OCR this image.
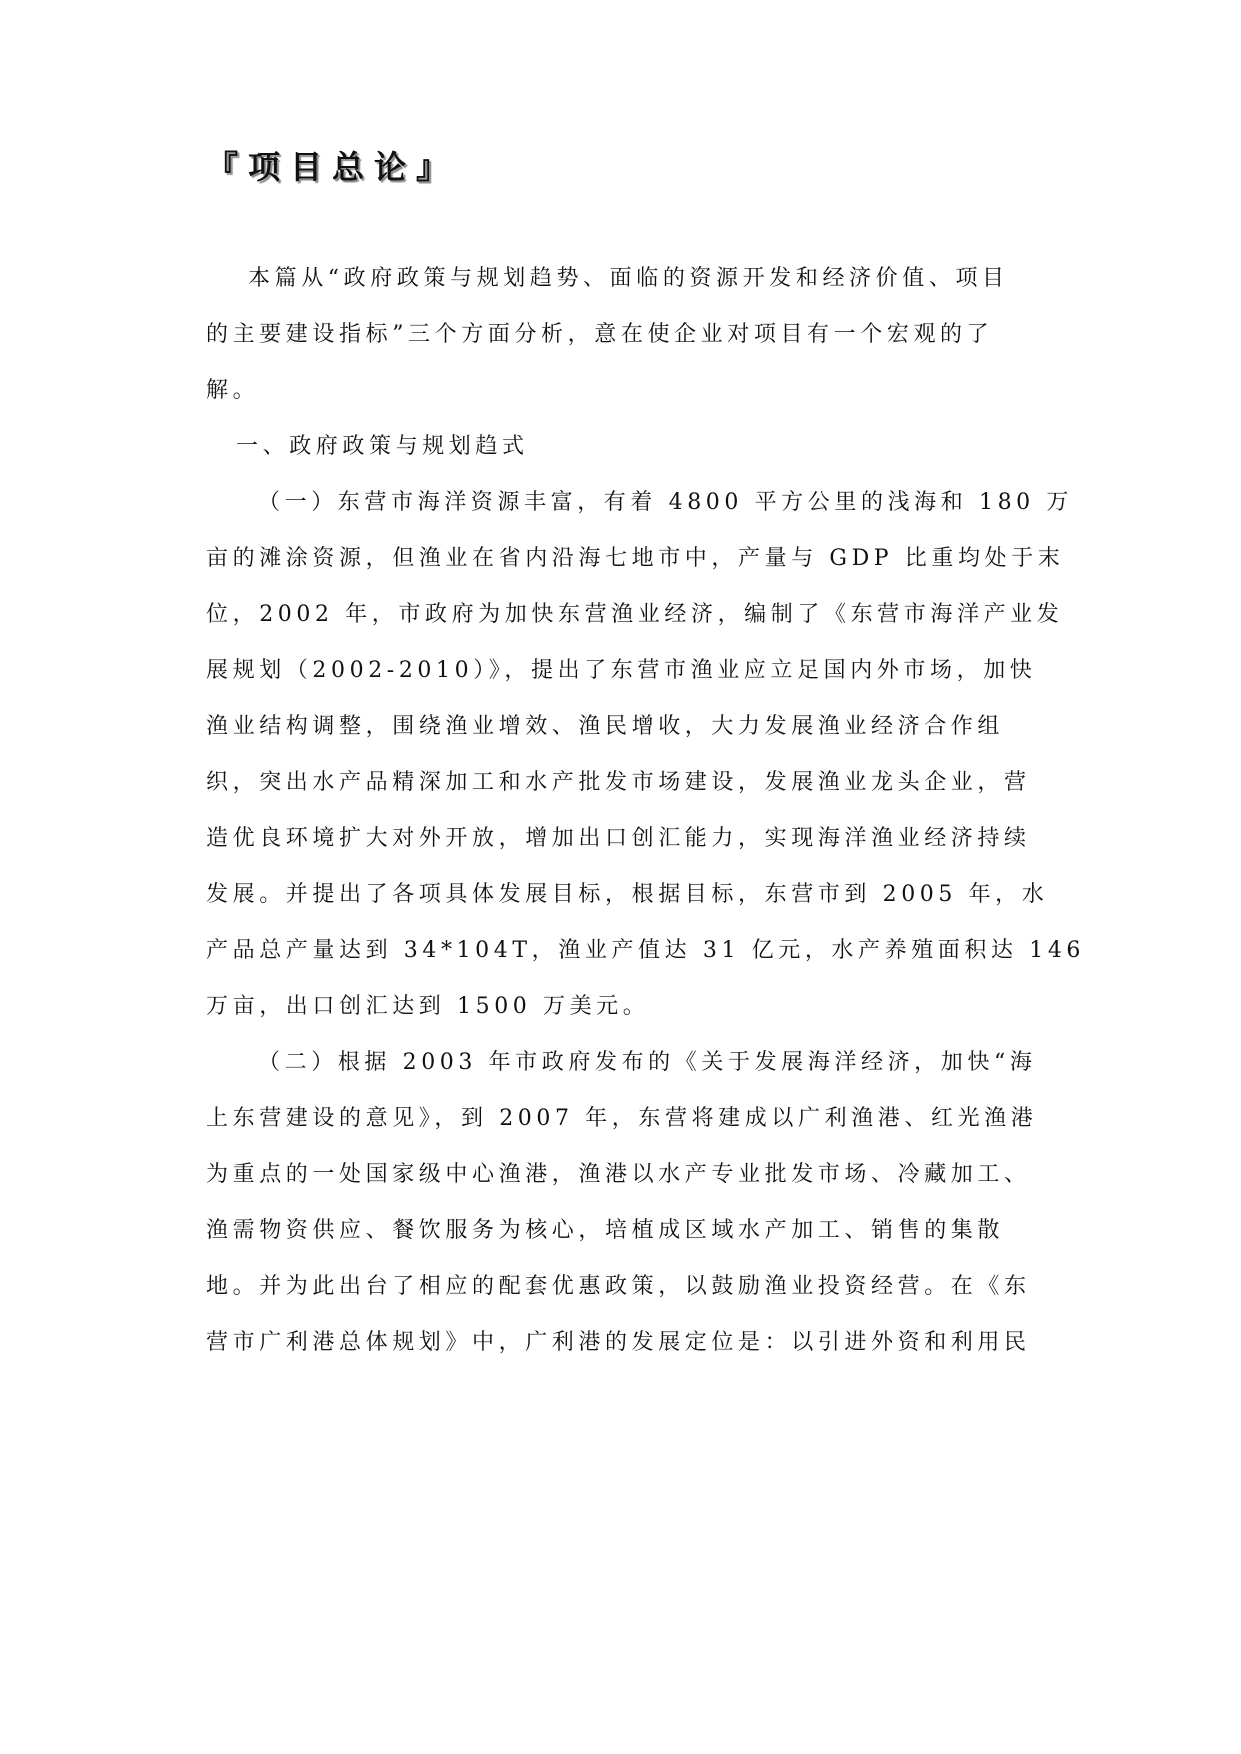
『项目总论』
本篇从“政府政策与规划趋势、面临的资源开发和经济价值、项目
的主要建设指标”三个方面分析，意在使企业对项目有一个宏观的了
解。
一、政府政策与规划趋式
（一）东营市海洋资源丰富，有着 4800 平方公里的浅海和 180 万
亩的滩涂资源，但渔业在省内沿海七地市中，产量与 GDP 比重均处于末
位，2002 年，市政府为加快东营渔业经济，编制了《东营市海洋产业发
展规划（2002-2010）》，提出了东营市渔业应立足国内外市场，加快
渔业结构调整，围绕渔业增效、渔民增收，大力发展渔业经济合作组
织，突出水产品精深加工和水产批发市场建设，发展渔业龙头企业，营
造优良环境扩大对外开放，增加出口创汇能力，实现海洋渔业经济持续
发展。并提出了各项具体发展目标，根据目标，东营市到 2005 年，水
产品总产量达到 34*104T，渔业产值达 31 亿元，水产养殖面积达 146
万亩，出口创汇达到 1500 万美元。
（二）根据 2003 年市政府发布的《关于发展海洋经济，加快“海
上东营建设的意见》，到 2007 年，东营将建成以广利渔港、红光渔港
为重点的一处国家级中心渔港，渔港以水产专业批发市场、冷藏加工、
渔需物资供应、餐饮服务为核心，培植成区域水产加工、销售的集散
地。并为此出台了相应的配套优惠政策，以鼓励渔业投资经营。在《东
营市广利港总体规划》中，广利港的发展定位是：以引进外资和利用民
